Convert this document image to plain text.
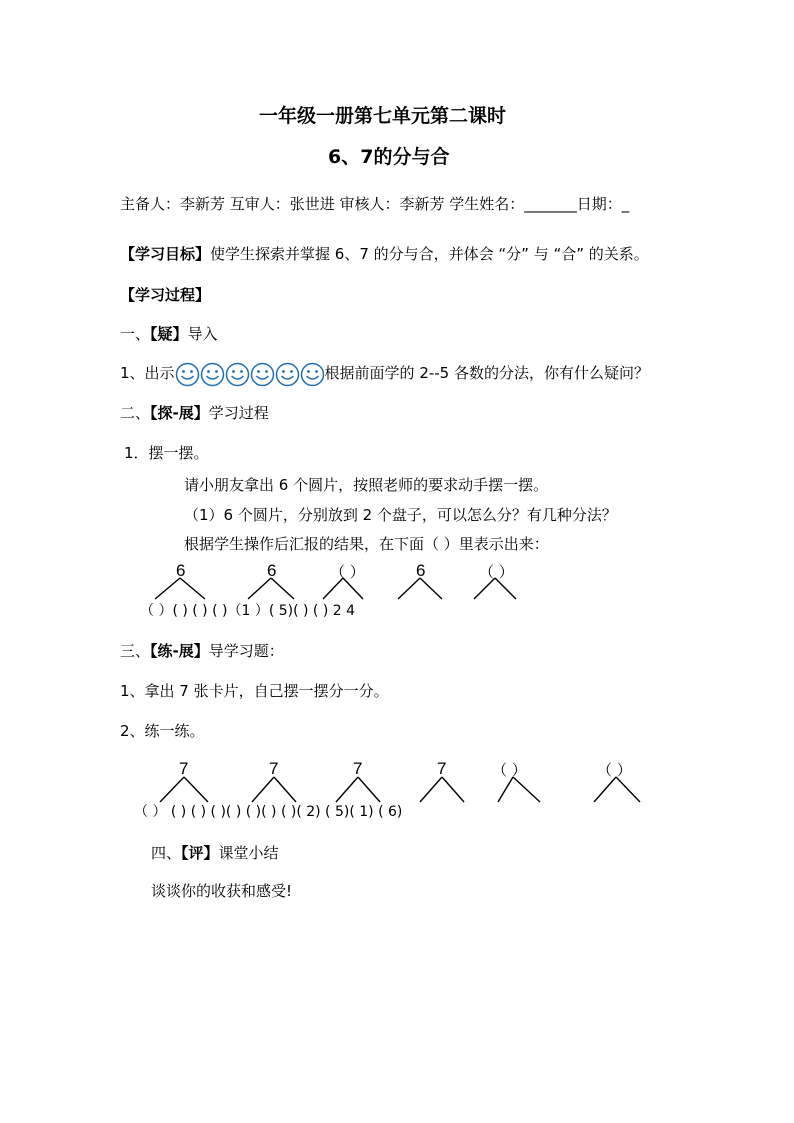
一年级一册第七单元第二课时
6、7的分与合
主备人：李新芳 互审人：张世进 审核人：李新芳 学生姓名：_______日期：_
【学习目标】使学生探索并掌握 6、7 的分与合，并体会 “分” 与 “合” 的关系。
【学习过程】
一、【疑】导入
1、出示	根据前面学的 2--5 各数的分法，你有什么疑问？
二、【探-展】学习过程
1．摆一摆。
请小朋友拿出 6 个圆片，按照老师的要求动手摆一摆。
（1）6 个圆片，分别放到 2 个盘子，可以怎么分？有几种分法？
根据学生操作后汇报的结果，在下面（ ）里表示出来：
6	6	（ ）	6	（ ）
（ ）( ) ( ) ( )（1 ）( 5)( ) ( ) 2 4
三、【练-展】导学习题：
1、拿出 7 张卡片，自己摆一摆分一分。
2、练一练。
7	7	7	7	（ ）	（ ）
（ ） ( ) ( ) ( )( ) ( )( ) ( )( 2) ( 5)( 1) ( 6)
四、【评】课堂小结
谈谈你的收获和感受!
